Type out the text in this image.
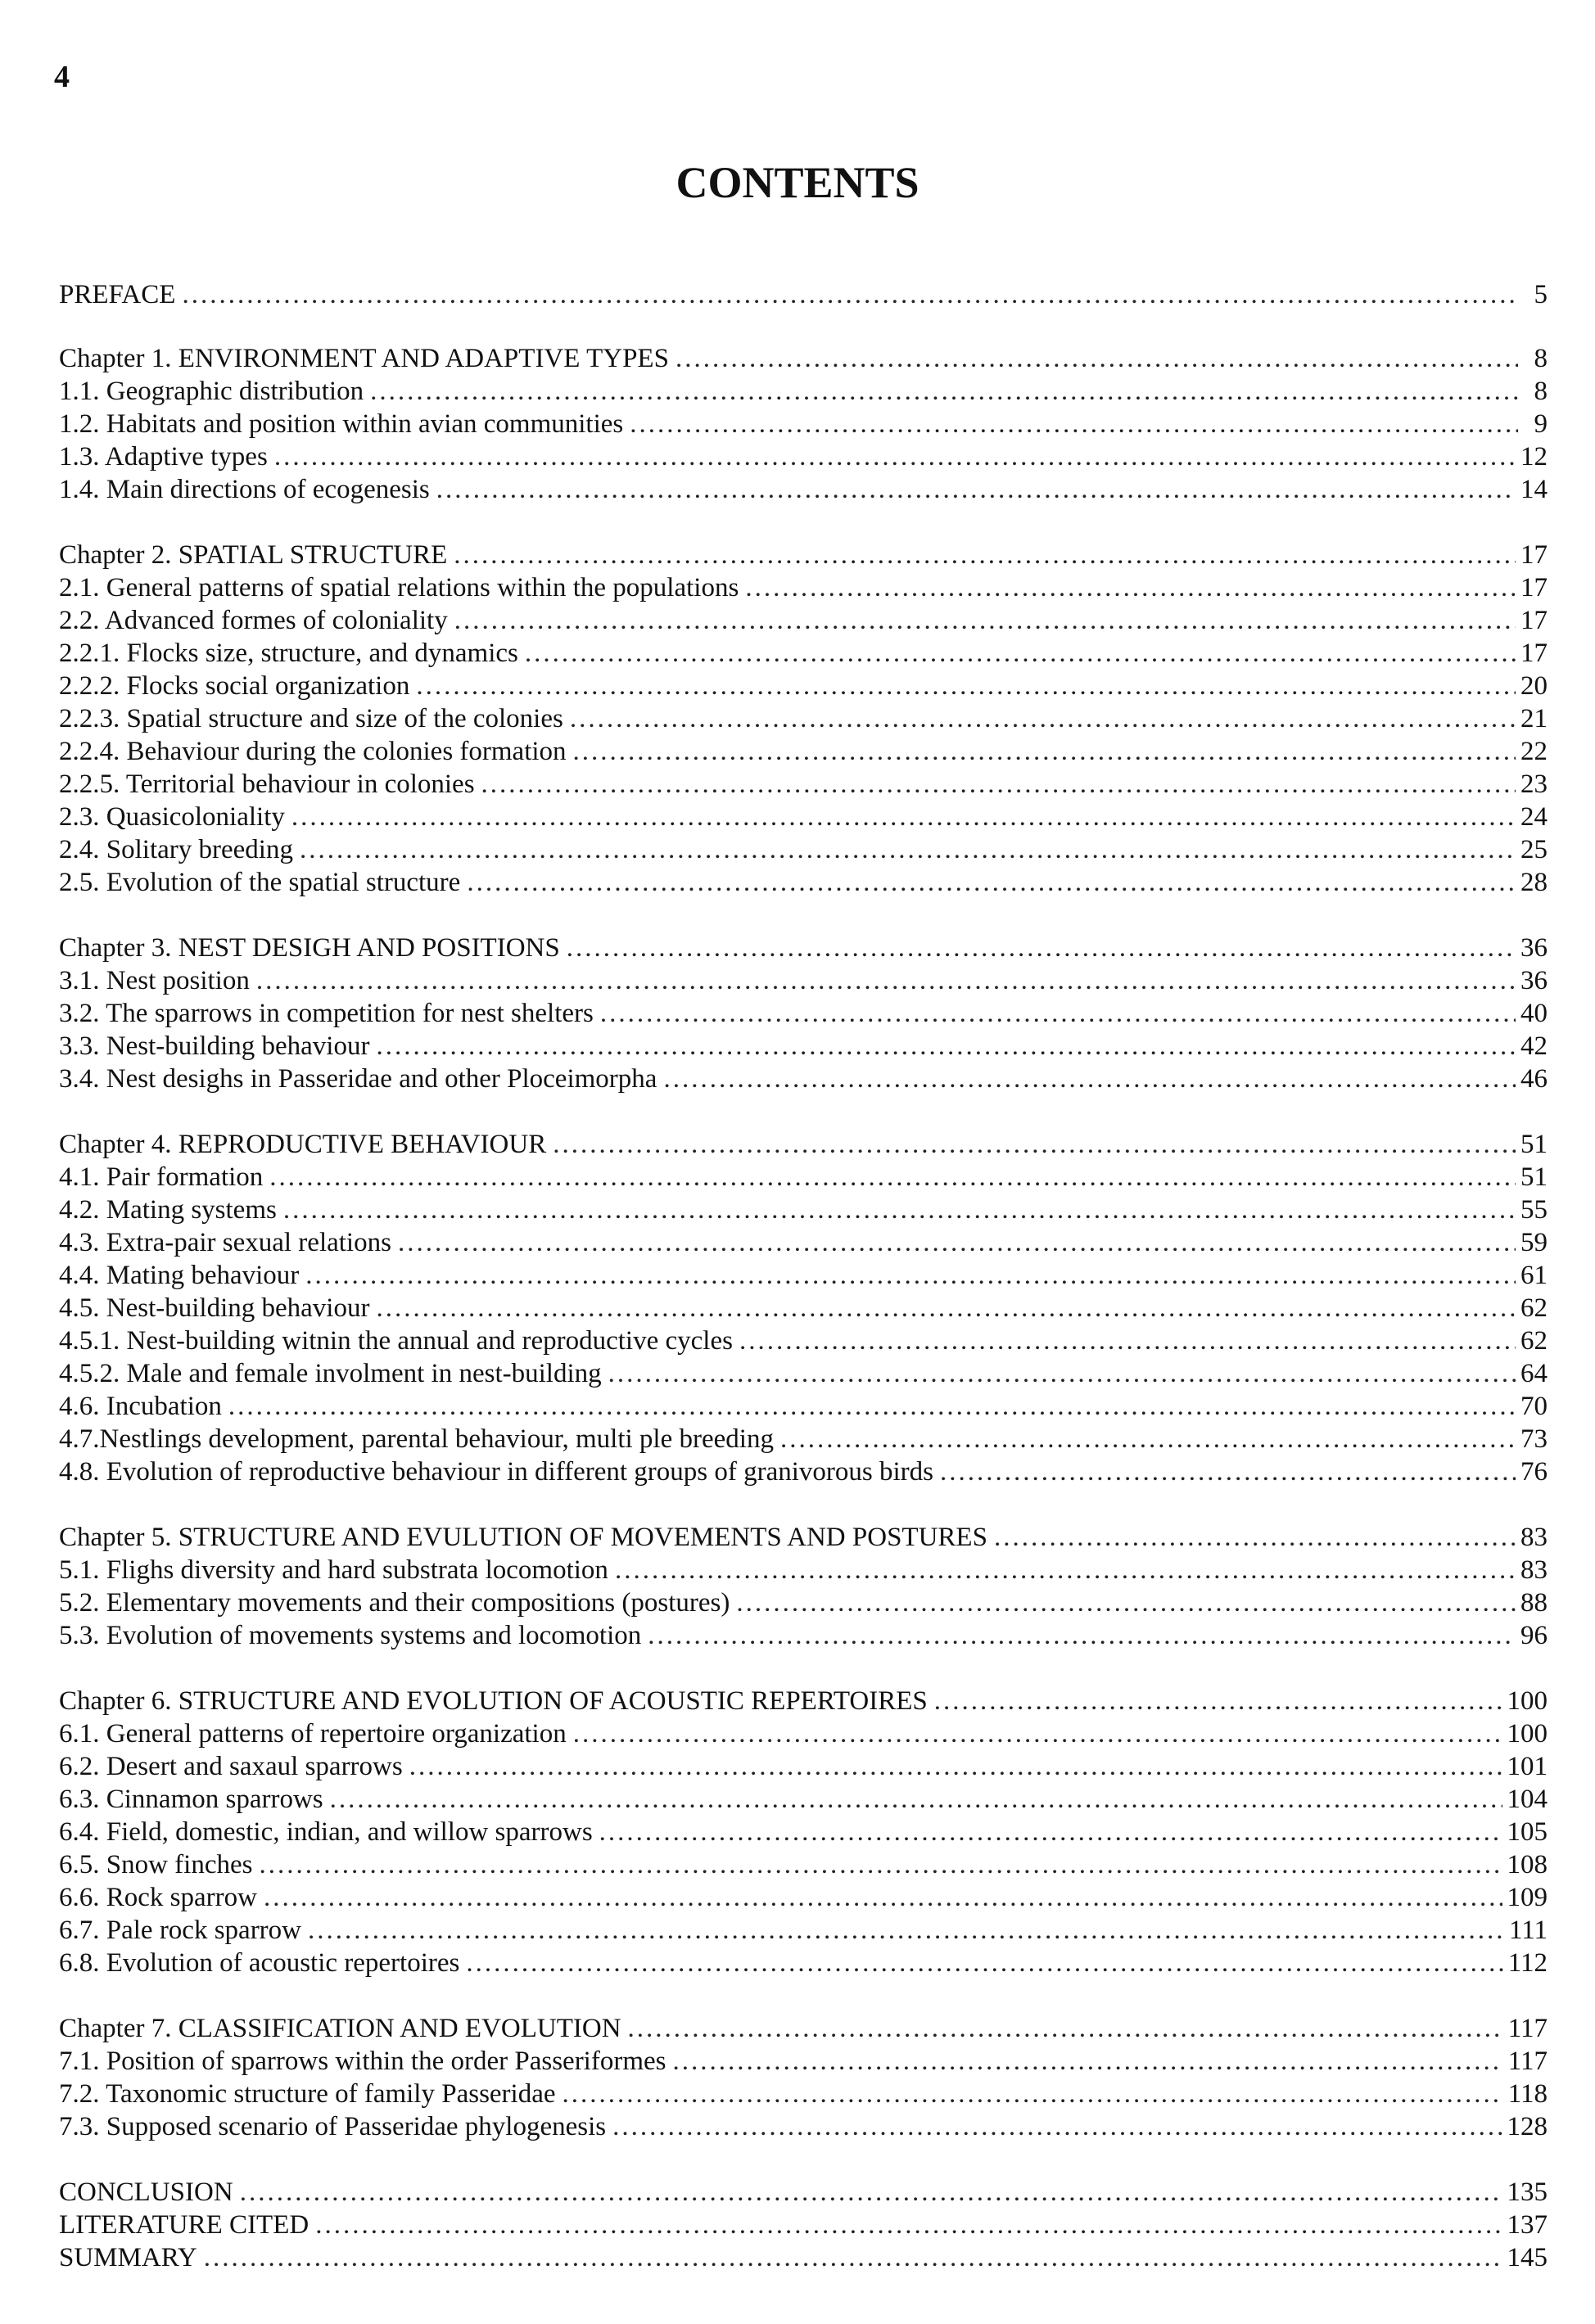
4
CONTENTS
PREFACE .....	5
Chapter 1. ENVIRONMENT AND ADAPTIVE TYPES .....	8
1.1. Geographic distribution .....	8
1.2. Habitats and position within avian communities .....	9
1.3. Adaptive types .....	12
1.4. Main directions of ecogenesis .....	14
Chapter 2. SPATIAL STRUCTURE .....	17
2.1. General patterns of spatial relations within the populations .....	17
2.2. Advanced formes of coloniality .....	17
2.2.1. Flocks size, structure, and dynamics .....	17
2.2.2. Flocks social organization .....	20
2.2.3. Spatial structure and size of the colonies .....	21
2.2.4. Behaviour during the colonies formation .....	22
2.2.5. Territorial behaviour in colonies .....	23
2.3. Quasicoloniality .....	24
2.4. Solitary breeding .....	25
2.5. Evolution of the spatial structure .....	28
Chapter 3. NEST DESIGH AND POSITIONS .....	36
3.1. Nest position .....	36
3.2. The sparrows in competition for nest shelters .....	40
3.3. Nest-building behaviour .....	42
3.4. Nest desighs in Passeridae and other Ploceimorpha .....	46
Chapter 4. REPRODUCTIVE BEHAVIOUR .....	51
4.1. Pair formation .....	51
4.2. Mating systems .....	55
4.3. Extra-pair sexual relations .....	59
4.4. Mating behaviour .....	61
4.5. Nest-building behaviour .....	62
4.5.1. Nest-building witnin the annual and reproductive cycles .....	62
4.5.2. Male and female involment in nest-building .....	64
4.6. Incubation .....	70
4.7.Nestlings development, parental behaviour, multi ple breeding .....	73
4.8. Evolution of reproductive behaviour in different groups of granivorous birds .....	76
Chapter 5. STRUCTURE AND EVULUTION OF MOVEMENTS AND POSTURES .....	83
5.1. Flighs diversity and hard substrata locomotion .....	83
5.2. Elementary movements and their compositions (postures) .....	88
5.3. Evolution of movements systems and locomotion .....	96
Chapter 6. STRUCTURE AND EVOLUTION OF ACOUSTIC REPERTOIRES .....	100
6.1. General patterns of repertoire organization .....	100
6.2. Desert and saxaul sparrows .....	101
6.3. Cinnamon sparrows .....	104
6.4. Field, domestic, indian, and willow sparrows .....	105
6.5. Snow finches .....	108
6.6. Rock sparrow .....	109
6.7. Pale rock sparrow .....	111
6.8. Evolution of acoustic repertoires .....	112
Chapter 7. CLASSIFICATION AND EVOLUTION .....	117
7.1. Position of sparrows within the order Passeriformes .....	117
7.2. Taxonomic structure of family Passeridae .....	118
7.3. Supposed scenario of Passeridae phylogenesis .....	128
CONCLUSION .....	135
LITERATURE CITED .....	137
SUMMARY .....	145
